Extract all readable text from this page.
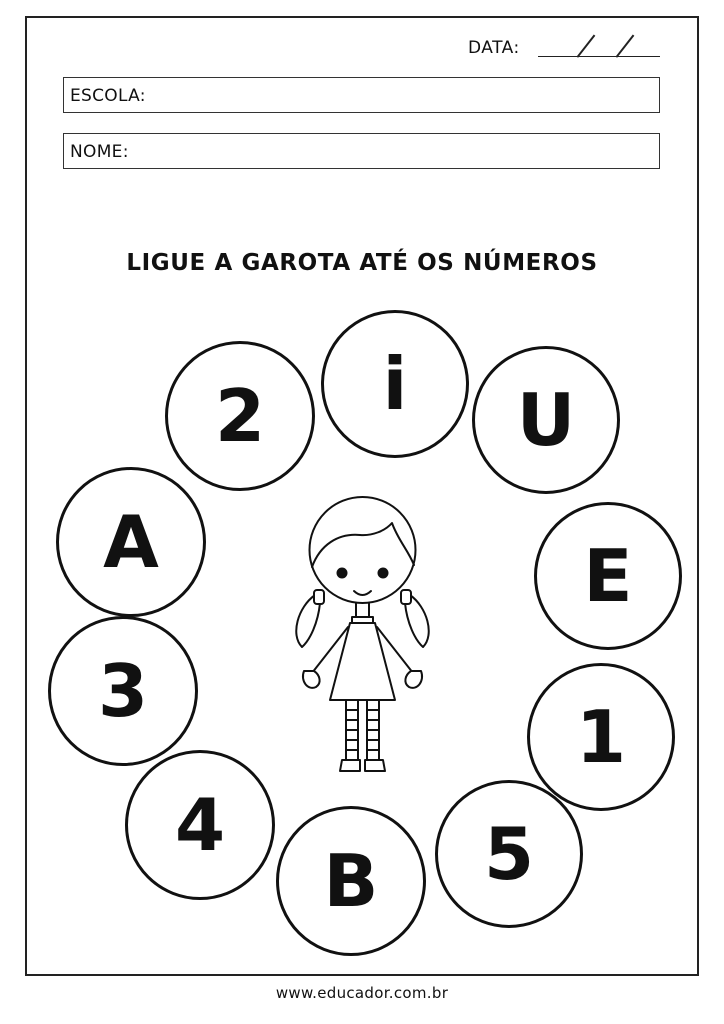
DATA:
ESCOLA:
NOME:
LIGUE A GAROTA ATÉ OS NÚMEROS
i	U
E
1
5
B
4
3
A
2
www.educador.com.br
